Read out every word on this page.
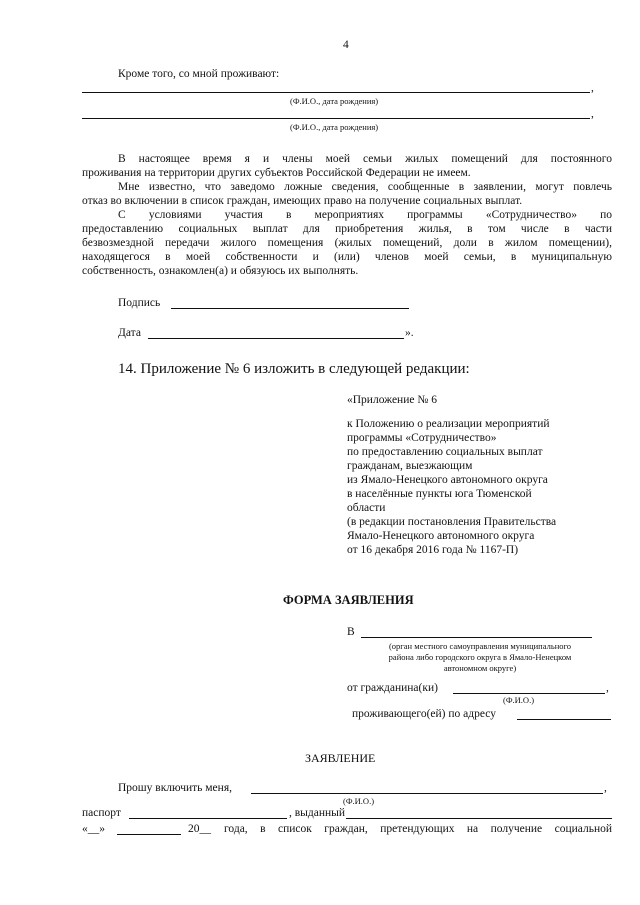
4
Кроме того, со мной проживают:
,
(Ф.И.О., дата рождения)
,
(Ф.И.О., дата рождения)
В настоящее время я и члены моей семьи жилых помещений для постоянного
проживания на территории других субъектов Российской Федерации не имеем.
Мне известно, что заведомо ложные сведения, сообщенные в заявлении, могут повлечь
отказ во включении в список граждан, имеющих право на получение социальных выплат.
С условиями участия в мероприятиях программы «Сотрудничество» по
предоставлению социальных выплат для приобретения жилья, в том числе в части
безвозмездной передачи жилого помещения (жилых помещений, доли в жилом помещении),
находящегося в моей собственности и (или) членов моей семьи, в муниципальную
собственность, ознакомлен(а) и обязуюсь их выполнять.
Подпись
Дата	».
14. Приложение № 6 изложить в следующей редакции:
«Приложение № 6
к Положению о реализации мероприятий
программы «Сотрудничество»
по предоставлению социальных выплат
гражданам, выезжающим
из Ямало-Ненецкого автономного округа
в населённые пункты юга Тюменской
области
(в редакции постановления Правительства
Ямало-Ненецкого автономного округа
от 16 декабря 2016 года № 1167-П)
ФОРМА ЗАЯВЛЕНИЯ
В
(орган местного самоуправления муниципального
района либо городского округа в Ямало-Ненецком
автономном округе)
от гражданина(ки)	,
(Ф.И.О.)
проживающего(ей) по адресу
ЗАЯВЛЕНИЕ
Прошу включить меня,	,
(Ф.И.О.)
паспорт	, выданный
«__»	20__ года, в список граждан, претендующих на получение социальной
